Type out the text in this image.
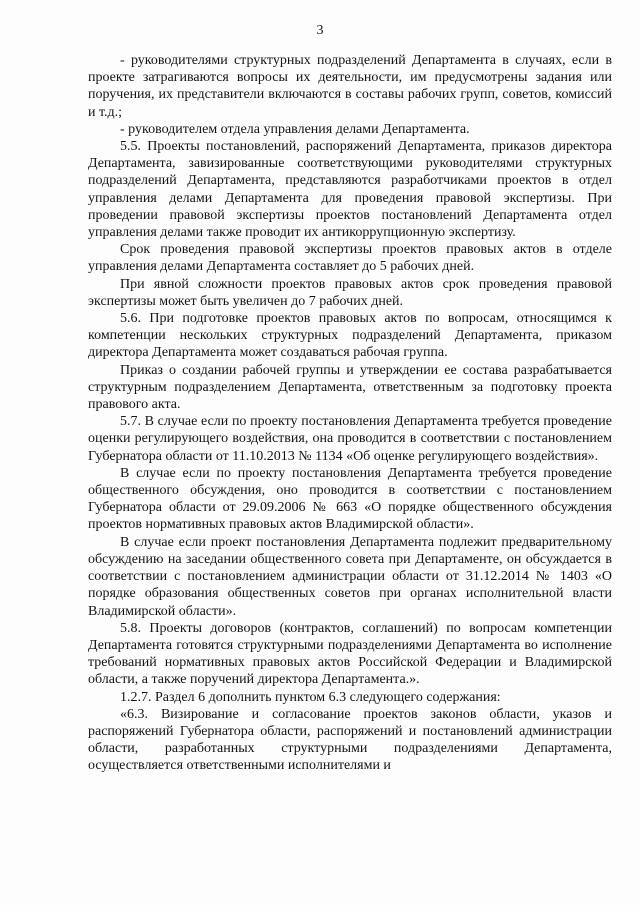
3

- руководителями структурных подразделений Департамента в случаях, если в проекте затрагиваются вопросы их деятельности, им предусмотрены задания или поручения, их представители включаются в составы рабочих групп, советов, комиссий и т.д.;

- руководителем отдела управления делами Департамента.

5.5. Проекты постановлений, распоряжений Департамента, приказов директора Департамента, завизированные соответствующими руководителями структурных подразделений Департамента, представляются разработчиками проектов в отдел управления делами Департамента для проведения правовой экспертизы. При проведении правовой экспертизы проектов постановлений Департамента отдел управления делами также проводит их антикоррупционную экспертизу.

Срок проведения правовой экспертизы проектов правовых актов в отделе управления делами Департамента составляет до 5 рабочих дней.

При явной сложности проектов правовых актов срок проведения правовой экспертизы может быть увеличен до 7 рабочих дней.

5.6. При подготовке проектов правовых актов по вопросам, относящимся к компетенции нескольких структурных подразделений Департамента, приказом директора Департамента может создаваться рабочая группа.

Приказ о создании рабочей группы и утверждении ее состава разрабатывается структурным подразделением Департамента, ответственным за подготовку проекта правового акта.

5.7. В случае если по проекту постановления Департамента требуется проведение оценки регулирующего воздействия, она проводится в соответствии с постановлением Губернатора области от 11.10.2013 № 1134 «Об оценке регулирующего воздействия».

В случае если по проекту постановления Департамента требуется проведение общественного обсуждения, оно проводится в соответствии с постановлением Губернатора области от 29.09.2006 № 663 «О порядке общественного обсуждения проектов нормативных правовых актов Владимирской области».

В случае если проект постановления Департамента подлежит предварительному обсуждению на заседании общественного совета при Департаменте, он обсуждается в соответствии с постановлением администрации области от 31.12.2014 № 1403 «О порядке образования общественных советов при органах исполнительной власти Владимирской области».

5.8. Проекты договоров (контрактов, соглашений) по вопросам компетенции Департамента готовятся структурными подразделениями Департамента во исполнение требований нормативных правовых актов Российской Федерации и Владимирской области, а также поручений директора Департамента.».

1.2.7. Раздел 6 дополнить пунктом 6.3 следующего содержания:

«6.3. Визирование и согласование проектов законов области, указов и распоряжений Губернатора области, распоряжений и постановлений администрации области, разработанных структурными подразделениями Департамента, осуществляется ответственными исполнителями и
